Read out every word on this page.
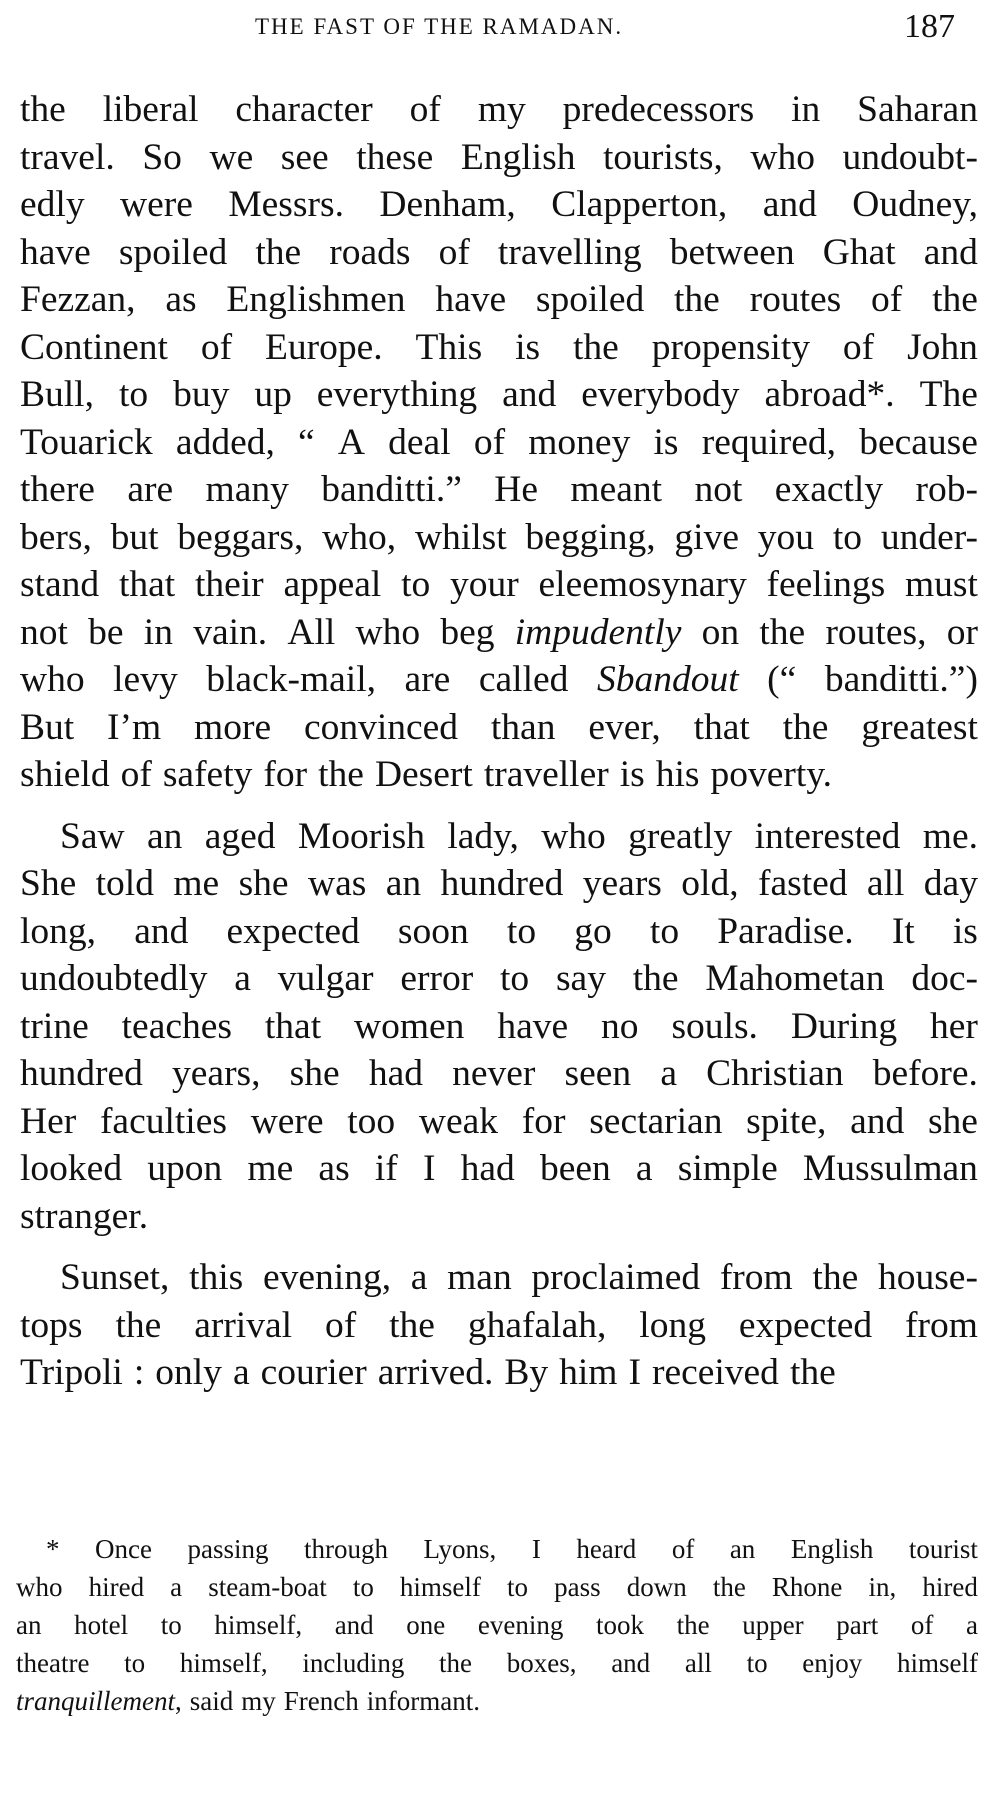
THE FAST OF THE RAMADAN.	187
the liberal character of my predecessors in Saharan
travel. So we see these English tourists, who undoubt-
edly were Messrs. Denham, Clapperton, and Oudney,
have spoiled the roads of travelling between Ghat and
Fezzan, as Englishmen have spoiled the routes of the
Continent of Europe. This is the propensity of John
Bull, to buy up everything and everybody abroad*. The
Touarick added, “ A deal of money is required, because
there are many banditti.” He meant not exactly rob-
bers, but beggars, who, whilst begging, give you to under-
stand that their appeal to your eleemosynary feelings must
not be in vain. All who beg impudently on the routes, or
who levy black-mail, are called Sbandout (“ banditti.”)
But I’m more convinced than ever, that the greatest
shield of safety for the Desert traveller is his poverty.
Saw an aged Moorish lady, who greatly interested me.
She told me she was an hundred years old, fasted all day
long, and expected soon to go to Paradise. It is
undoubtedly a vulgar error to say the Mahometan doc-
trine teaches that women have no souls. During her
hundred years, she had never seen a Christian before.
Her faculties were too weak for sectarian spite, and she
looked upon me as if I had been a simple Mussulman
stranger.
Sunset, this evening, a man proclaimed from the house-
tops the arrival of the ghafalah, long expected from
Tripoli : only a courier arrived. By him I received the
* Once passing through Lyons, I heard of an English tourist
who hired a steam-boat to himself to pass down the Rhone in, hired
an hotel to himself, and one evening took the upper part of a
theatre to himself, including the boxes, and all to enjoy himself
tranquillement, said my French informant.
